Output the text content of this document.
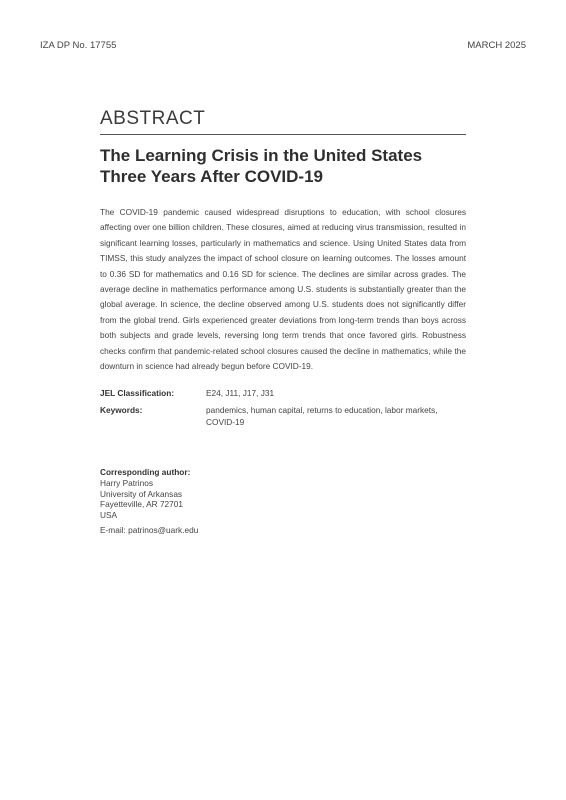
IZA DP No. 17755	MARCH 2025
ABSTRACT
The Learning Crisis in the United States
Three Years After COVID-19

The COVID-19 pandemic caused widespread disruptions to education, with school closures affecting over one billion children. These closures, aimed at reducing virus transmission, resulted in significant learning losses, particularly in mathematics and science. Using United States data from TIMSS, this study analyzes the impact of school closure on learning outcomes. The losses amount to 0.36 SD for mathematics and 0.16 SD for science. The declines are similar across grades. The average decline in mathematics performance among U.S. students is substantially greater than the global average. In science, the decline observed among U.S. students does not significantly differ from the global trend. Girls experienced greater deviations from long-term trends than boys across both subjects and grade levels, reversing long term trends that once favored girls. Robustness checks confirm that pandemic-related school closures caused the decline in mathematics, while the downturn in science had already begun before COVID-19.

JEL Classification:	E24, J11, J17, J31
Keywords:	pandemics, human capital, returns to education, labor markets, COVID-19
Corresponding author:
Harry Patrinos
University of Arkansas
Fayetteville, AR 72701
USA
E-mail: patrinos@uark.edu
